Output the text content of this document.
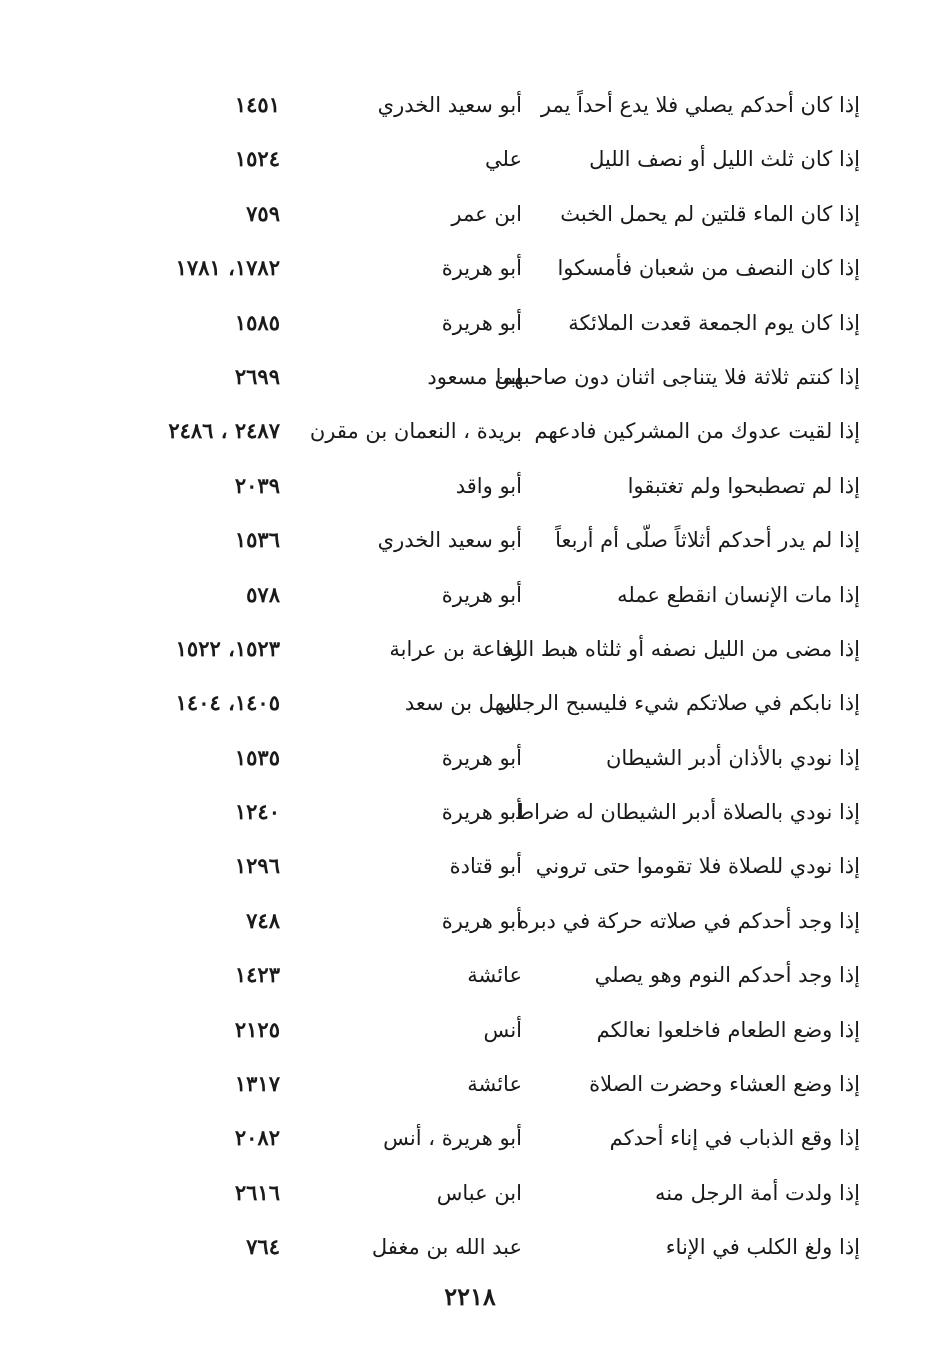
إذا كان أحدكم يصلي فلا يدع أحداً يمر
أبو سعيد الخدري
١٤٥١
إذا كان ثلث الليل أو نصف الليل
علي
١٥٢٤
إذا كان الماء قلتين لم يحمل الخبث
ابن عمر
٧٥٩
إذا كان النصف من شعبان فأمسكوا
أبو هريرة
١٧٨٢، ١٧٨١
إذا كان يوم الجمعة قعدت الملائكة
أبو هريرة
١٥٨٥
إذا كنتم ثلاثة فلا يتناجى اثنان دون صاحبهما
ابن مسعود
٢٦٩٩
إذا لقيت عدوك من المشركين فادعهم
بريدة ، النعمان بن مقرن
٢٤٨٧ ، ٢٤٨٦
إذا لم تصطبحوا ولم تغتبقوا
أبو واقد
٢٠٣٩
إذا لم يدر أحدكم أثلاثاً صلّى أم أربعاً
أبو سعيد الخدري
١٥٣٦
إذا مات الإنسان انقطع عمله
أبو هريرة
٥٧٨
إذا مضى من الليل نصفه أو ثلثاه هبط الله
رفاعة بن عرابة
١٥٢٣، ١٥٢٢
إذا نابكم في صلاتكم شيء فليسبح الرجال
سهل بن سعد
١٤٠٥، ١٤٠٤
إذا نودي بالأذان أدبر الشيطان
أبو هريرة
١٥٣٥
إذا نودي بالصلاة أدبر الشيطان له ضراط
أبو هريرة
١٢٤٠
إذا نودي للصلاة فلا تقوموا حتى تروني
أبو قتادة
١٢٩٦
إذا وجد أحدكم في صلاته حركة في دبره
أبو هريرة
٧٤٨
إذا وجد أحدكم النوم وهو يصلي
عائشة
١٤٢٣
إذا وضع الطعام فاخلعوا نعالكم
أنس
٢١٢٥
إذا وضع العشاء وحضرت الصلاة
عائشة
١٣١٧
إذا وقع الذباب في إناء أحدكم
أبو هريرة ، أنس
٢٠٨٢
إذا ولدت أمة الرجل منه
ابن عباس
٢٦١٦
إذا ولغ الكلب في الإناء
عبد الله بن مغفل
٧٦٤
٢٢١٨
